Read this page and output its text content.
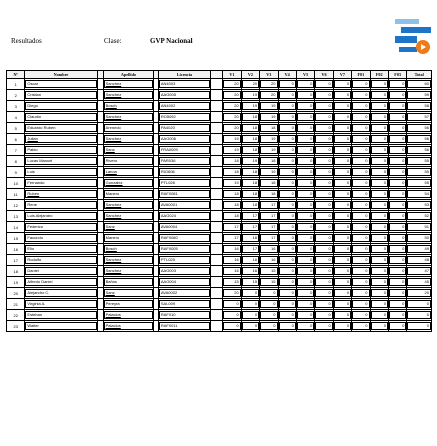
Resultados	Clase:	GVP Nacional
Nº	Nombre		Apellido		Licencia		V1	V2	V3	V4	V5	V6	V7	F01	F02	F03	Total
1	Oscar		Sanchez		AN4003		20	20	20	0	0	0	0	0	0	0	60

2	Cristian		Sanchez		AAG005		20	19	20	0	0	0	0	0	0	0	59

3	Diego		Bosch		AN4002		20	19	19	0	0	0	0	0	0	0	58

4	Claudio		Sanchez		RO5092		20	18	19	0	0	0	0	0	0	0	57

5	Eduardo Ruben		Arenedo		PA4020		20	18	18	0	0	0	0	0	0	0	56

6	Julian		Sanchez		AAG006		19	18	19	0	0	0	0	0	0	0	56

7	Pablo		Sanz		FRA0009		19	18	19	0	0	0	0	0	0	0	56

8	Lucas Manuel		Rivero		PAR036		18	19	18	0	0	0	0	0	0	0	55

9	Luis		Lanoa		RIO608		18	18	19	0	0	0	0	0	0	0	55

10	Fernando		Gonzalez		PTL026		19	18	18	0	0	0	0	0	0	0	55

11	Ruben		Manero		RAF0081		18	18	18	0	0	0	0	0	0	0	54

12	Rene		Sanchez		AVA0001		18	18	17	0	0	0	0	0	0	0	53

13	Luis Alejandro		Sanchez		AAG024		18	17	17	0	0	0	0	0	0	0	52

14	Federico		Sanz		AVA0004		17	17	17	0	0	0	0	0	0	0	51

15	Facundo		Manero		RAF0080		17	16	17	0	0	0	0	0	0	0	50

16	Elio		Bosch		RAF0005		16	17	16	0	0	0	0	0	0	0	49

17	Rodolfo		Sanchez		PTL025		16	16	16	0	0	0	0	0	0	0	48

18	Daniel		Sanchez		AAG003		16	16	15	0	0	0	0	0	0	0	47

19	Alfredo Daniel		Baños		AAG004		15	15	15	0	0	0	0	0	0	0	45

20	Alejandro C.		Sanz		AVA0002		20	0	0	0	0	0	0	0	0	0	20

21	Virginia A.		Pereyra		SAL009		0	0	0	0	0	0	0	0	0	0	0

22	Esteban		Palacios		RAF010		0	0	0	0	0	0	0	0	0	0	0

23	Walter		Palacios		RAF0011		0	0	0	0	0	0	0	0	0	0	0
